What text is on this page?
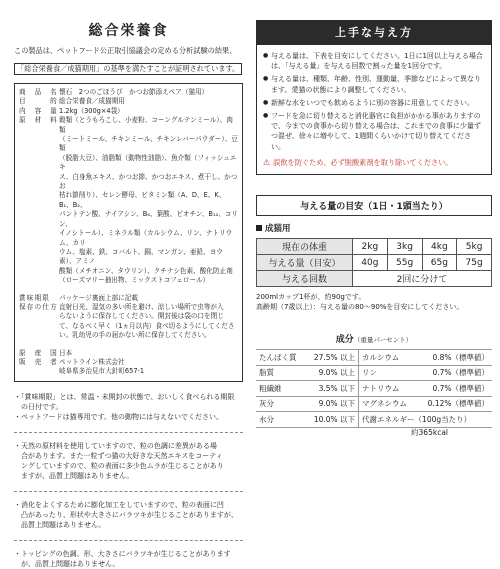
総合栄養食
この製品は、ペットフード公正取引協議会の定める分析試験の結果、
「総合栄養食／成猫期用」の基準を満たすことが証明されています。
商　品　名 懐石　2つのごほうび　かつお節添えペア（猫用）
目　　　的 総合栄養食／成猫期用
内　容　量 1.2kg（300g×4袋）
原　材　料 穀類（とうもろこし、小麦粉、コーングルテンミール）、肉類
（ミートミール、チキンミール、チキンレバーパウダー）、豆類
（脱脂大豆）、油脂類（動物性油脂）、魚介類（フィッシュエキ
ス、白身魚エキス、かつお節、かつおエキス、煮干し、かつお
枯れ節削り）、セレン酵母、ビタミン類（A、D、E、K、B₁、B₂、
パントテン酸、ナイアシン、B₆、葉酸、ビオチン、B₁₂、コリン、
イノシトール）、ミネラル類（カルシウム、リン、ナトリウム、カリ
ウム、塩素、鉄、コバルト、銅、マンガン、亜鉛、ヨウ素）、アミノ
酸類（メチオニン、タウリン）、クチナシ色素、酸化防止剤
（ローズマリー抽出物、ミックストコフェロール）
賞味期限	パッケージ裏面上部に記載
保存の仕方 直射日光、湿気の多い所を避け、涼しい場所で虫等が入
らないように保存してください。開封後は袋の口を閉じ
て、なるべく早く（1ヵ月以内）食べ切るようにしてくださ
い。乳幼児の手の届かない所に保存してください。
原　産　国 日本
販　売　者 ペットライン株式会社
岐阜県多治見市大針町657-1
・「賞味期限」とは、常温・未開封の状態で、おいしく食べられる期限
　の日付です。
・ペットフードは猫専用です。他の動物には与えないでください。
・天然の原材料を使用していますので、粒の色調に差異がある場
　合があります。また一粒ずつ猫の大好きな天然エキスをコーティ
　ングしていますので、粒の表面に多少色ムラが生じることがあり
　ますが、品質上問題はありません。
・消化をよくするために膨化加工をしていますので、粒の表面に凹
　凸があったり、形状や大きさにバラツキが生じることがありますが、
　品質上問題はありません。
・トッピングの色調、形、大きさにバラツキが生じることがあります
　が、品質上問題はありません。
上手な与え方
● 与える量は、下表を目安にしてください。1日に1回以上与える場合は、「与える量」を与える回数で割った量を1回分です。
● 与える量は、種類、年齢、性別、運動量、季節などによって異なります。愛猫の状態により調整してください。
● 新鮮な水をいつでも飲めるように別の容器に用意してください。
● フードを急に切り替えると消化器官に負担がかかる事がありますので、今までの食事から切り替える場合は、これまでの食事に少量ずつ混ぜ、徐々に増やして、1週間くらいかけて切り替えてください。
⚠ 誤飲を防ぐため、必ず脱酸素剤を取り除いてください。
与える量の目安（1日・1頭当たり）
成猫用
現在の体重	2kg	3kg	4kg	5kg
与える量（目安）	40g	55g	65g	75g
与える回数	2回に分けて			
200mlカップ1杯が、約90gです。
高齢期（7歳以上）：与える量の80〜90%を目安にしてください。
成分（重量パーセント）
たんぱく質	27.5% 以上	カルシウム	0.8%（標準値）
脂質	9.0% 以上	リン	0.7%（標準値）
粗繊維	3.5% 以下	ナトリウム	0.7%（標準値）
灰分	9.0% 以下	マグネシウム	0.12%（標準値）
水分	10.0% 以下	代謝エネルギー（100g当たり）	
約365kcal
